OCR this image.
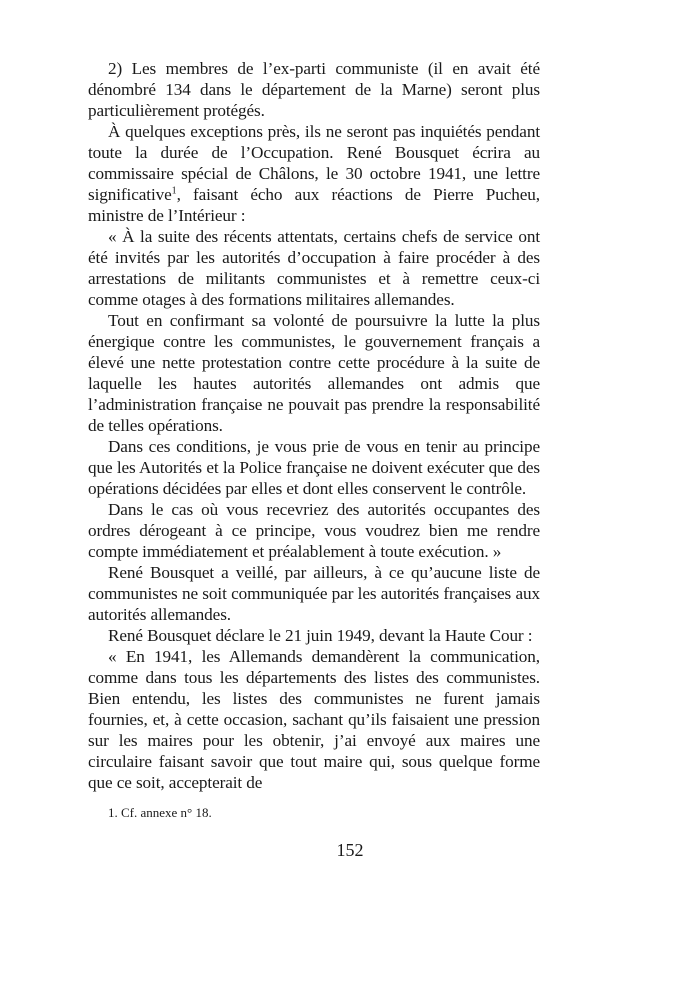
2) Les membres de l’ex-parti communiste (il en avait été dénombré 134 dans le département de la Marne) seront plus particulièrement protégés.

À quelques exceptions près, ils ne seront pas inquiétés pendant toute la durée de l’Occupation. René Bousquet écrira au commissaire spécial de Châlons, le 30 octobre 1941, une lettre significative$^1$, faisant écho aux réactions de Pierre Pucheu, ministre de l’Intérieur :

« À la suite des récents attentats, certains chefs de service ont été invités par les autorités d’occupation à faire procéder à des arrestations de militants communistes et à remettre ceux-ci comme otages à des formations militaires allemandes.

Tout en confirmant sa volonté de poursuivre la lutte la plus énergique contre les communistes, le gouvernement français a élevé une nette protestation contre cette procédure à la suite de laquelle les hautes autorités allemandes ont admis que l’administration française ne pouvait pas prendre la responsabilité de telles opérations.

Dans ces conditions, je vous prie de vous en tenir au principe que les Autorités et la Police française ne doivent exécuter que des opérations décidées par elles et dont elles conservent le contrôle.

Dans le cas où vous recevriez des autorités occupantes des ordres dérogeant à ce principe, vous voudrez bien me rendre compte immédiatement et préalablement à toute exécution. »

René Bousquet a veillé, par ailleurs, à ce qu’aucune liste de communistes ne soit communiquée par les autorités françaises aux autorités allemandes.

René Bousquet déclare le 21 juin 1949, devant la Haute Cour :

« En 1941, les Allemands demandèrent la communication, comme dans tous les départements des listes des communistes. Bien entendu, les listes des communistes ne furent jamais fournies, et, à cette occasion, sachant qu’ils faisaient une pression sur les maires pour les obtenir, j’ai envoyé aux maires une circulaire faisant savoir que tout maire qui, sous quelque forme que ce soit, accepterait de

1. Cf. annexe n° 18.

152
